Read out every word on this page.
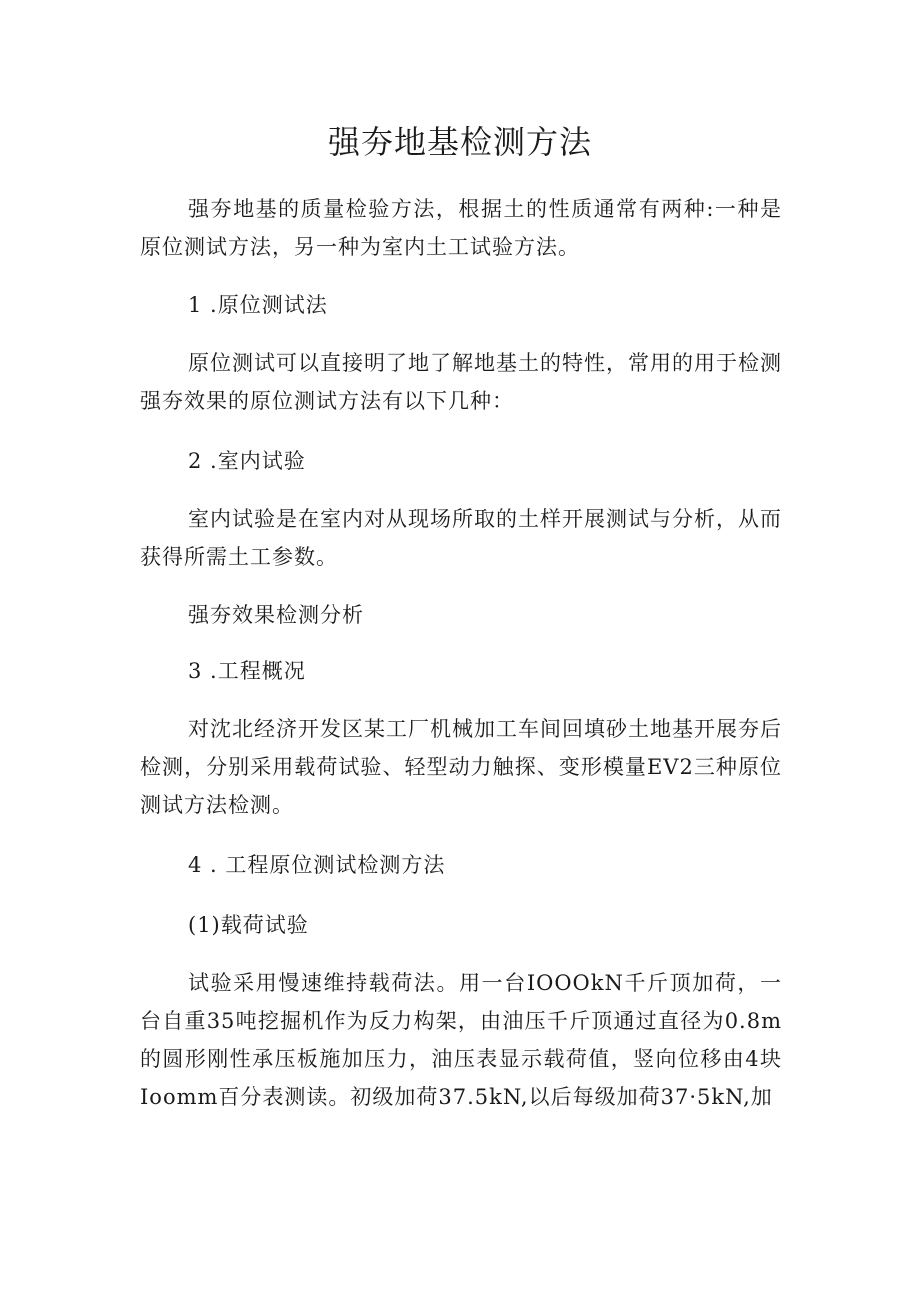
强夯地基检测方法

强夯地基的质量检验方法，根据土的性质通常有两种:一种是原位测试方法，另一种为室内土工试验方法。

1 .原位测试法

原位测试可以直接明了地了解地基土的特性，常用的用于检测强夯效果的原位测试方法有以下几种：

2 .室内试验

室内试验是在室内对从现场所取的土样开展测试与分析，从而获得所需土工参数。

强夯效果检测分析

3 .工程概况

对沈北经济开发区某工厂机械加工车间回填砂土地基开展夯后检测，分别采用载荷试验、轻型动力触探、变形模量EV2三种原位测试方法检测。

4 . 工程原位测试检测方法

(1)载荷试验

试验采用慢速维持载荷法。用一台IOOOkN千斤顶加荷，一台自重35吨挖掘机作为反力构架，由油压千斤顶通过直径为0.8m的圆形刚性承压板施加压力，油压表显示载荷值，竖向位移由4块Ioomm百分表测读。初级加荷37.5kN,以后每级加荷37·5kN,加
